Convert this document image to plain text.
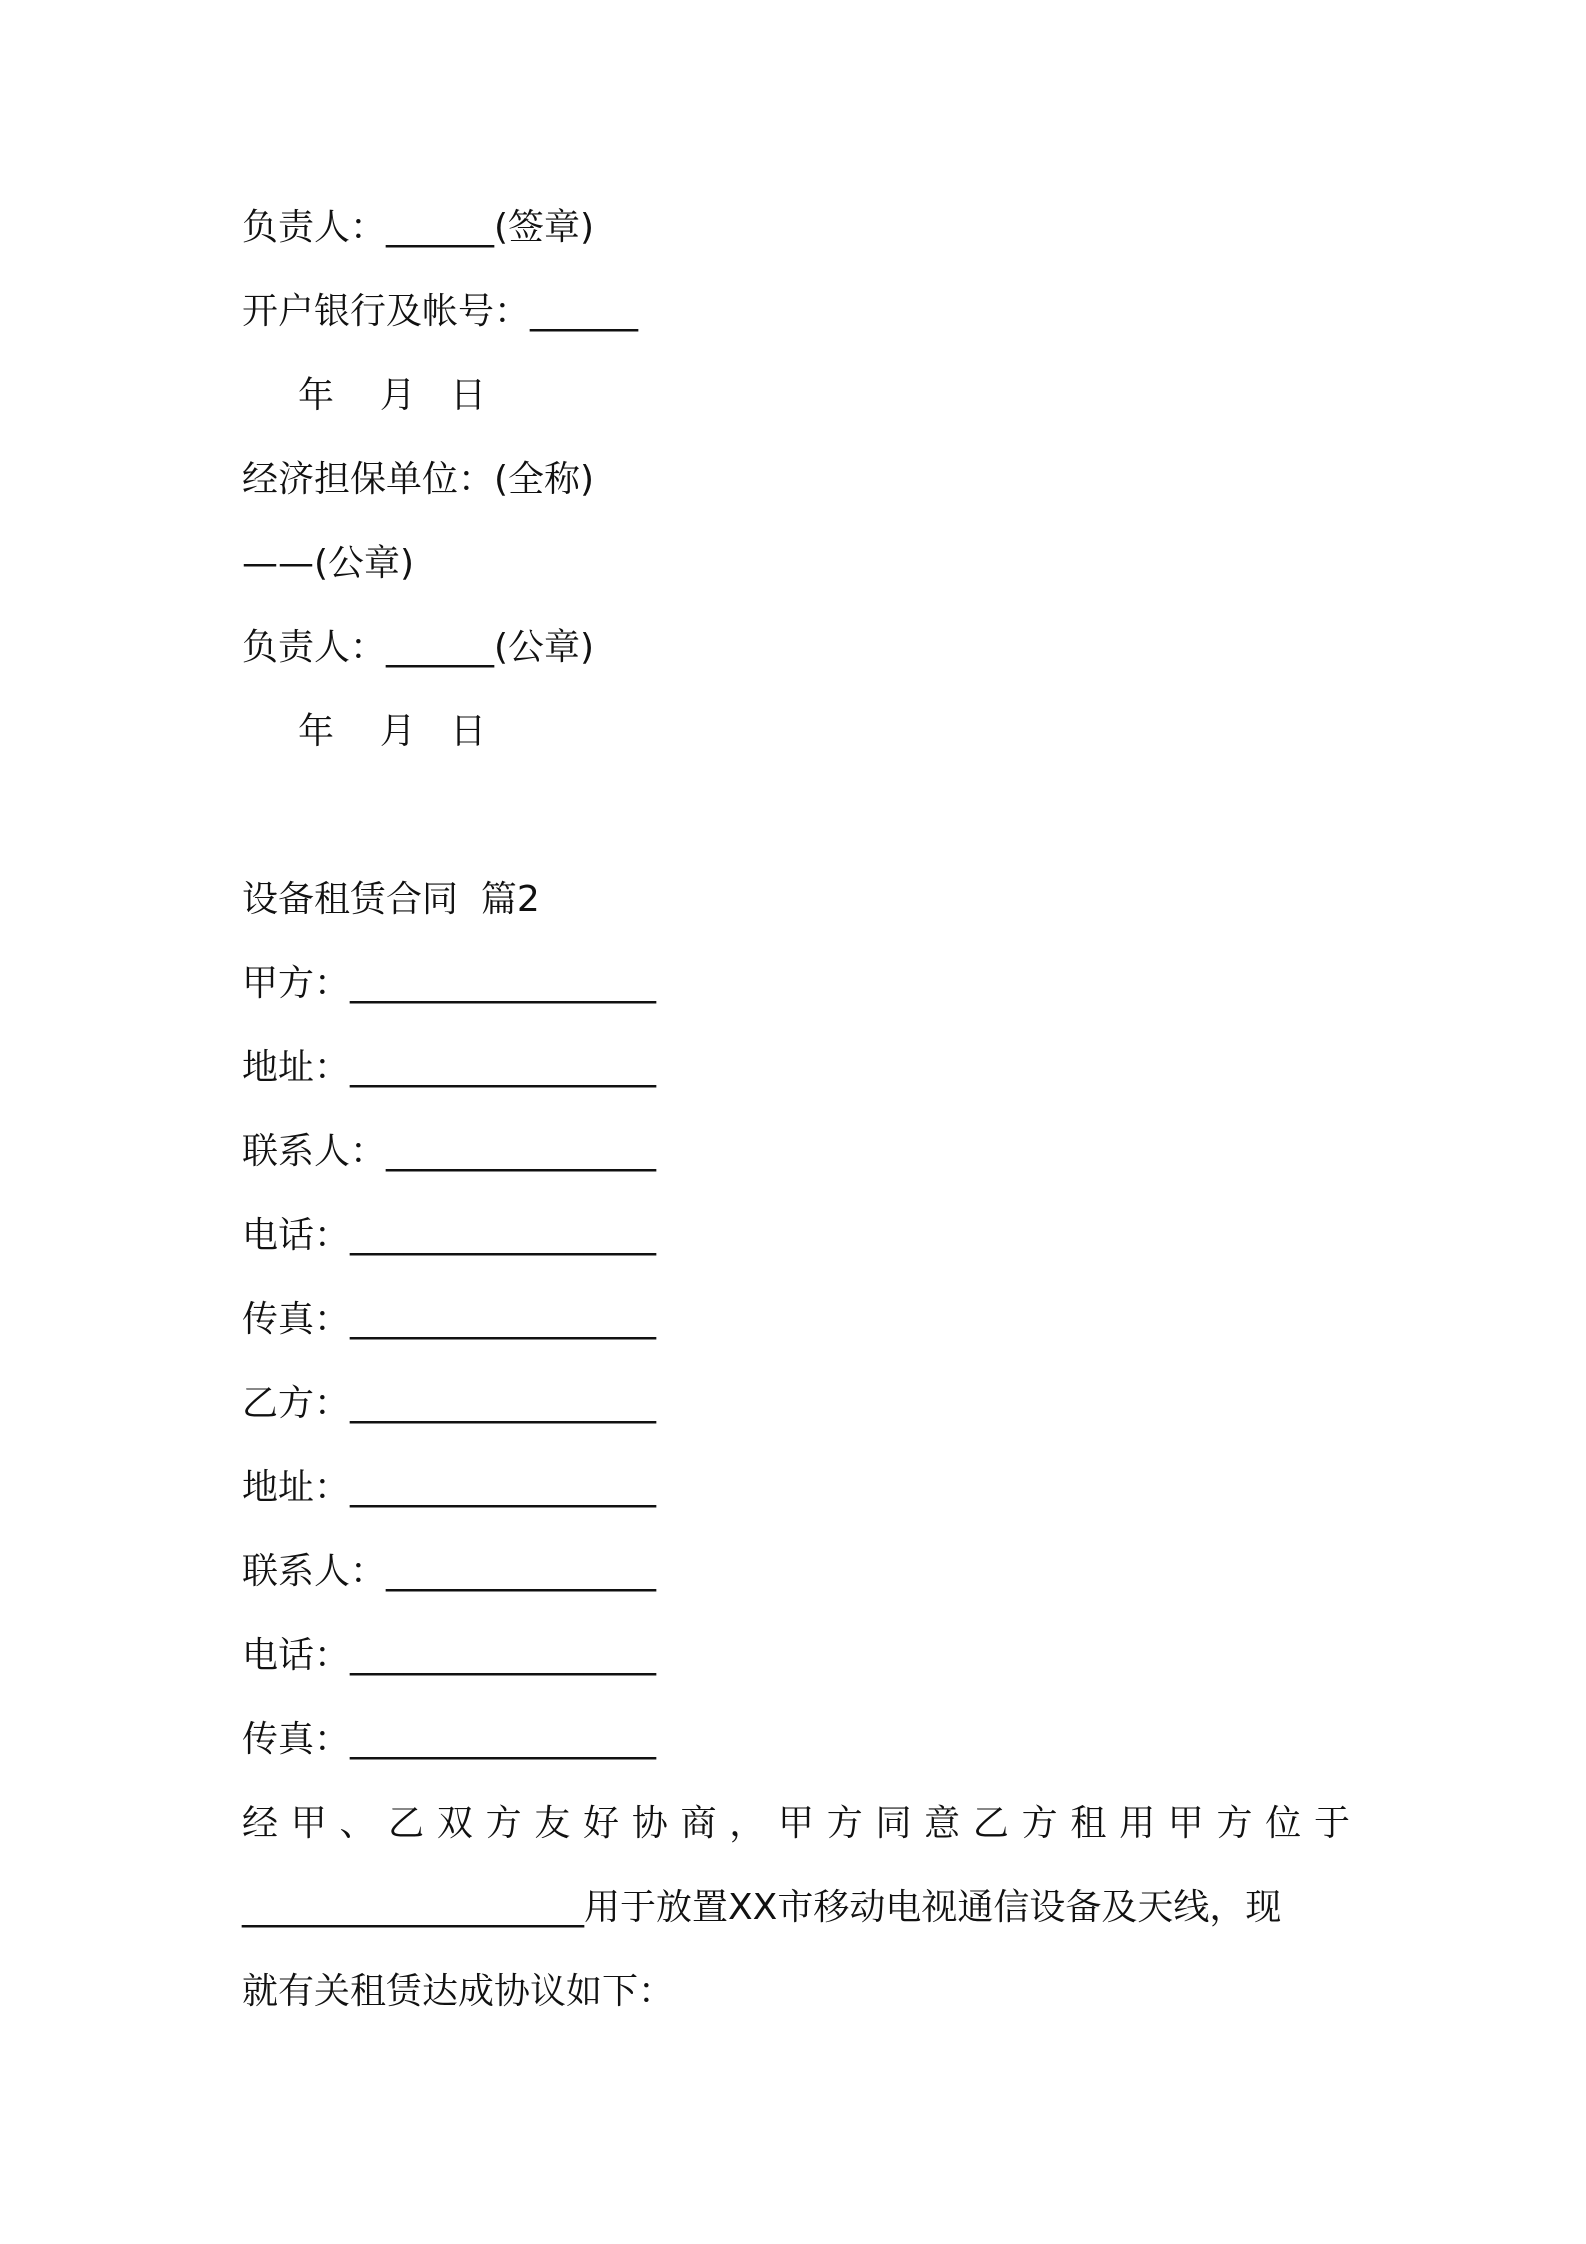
负责人：______(签章)
开户银行及帐号：______
年    月   日
经济担保单位：(全称)
——(公章)
负责人：______(公章)
年    月   日
设备租赁合同  篇2
甲方：_________________
地址：_________________
联系人：_______________
电话：_________________
传真：_________________
乙方：_________________
地址：_________________
联系人：_______________
电话：_________________
传真：_________________
经甲、乙双方友好协商，甲方同意乙方租用甲方位于
___________________用于放置XX市移动电视通信设备及天线，现
就有关租赁达成协议如下：
